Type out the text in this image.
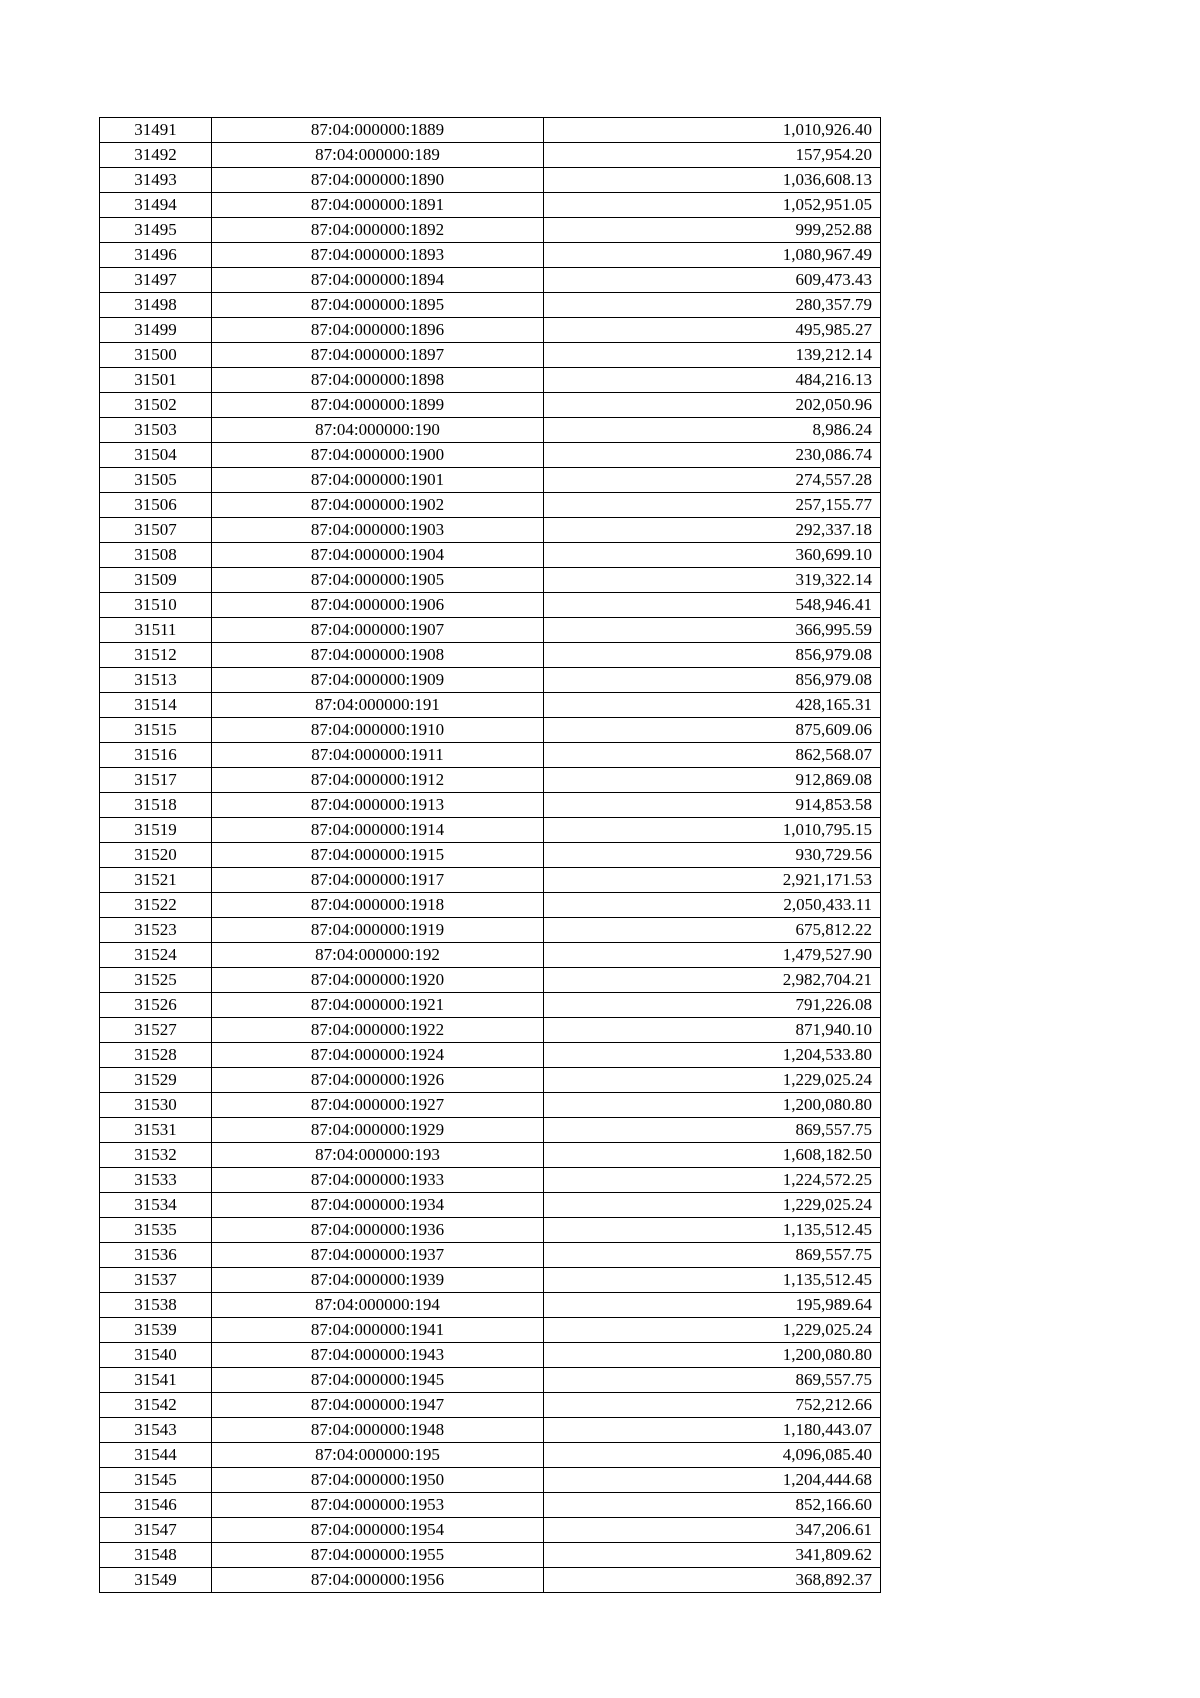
31491	87:04:000000:1889	1,010,926.40
31492	87:04:000000:189	157,954.20
31493	87:04:000000:1890	1,036,608.13
31494	87:04:000000:1891	1,052,951.05
31495	87:04:000000:1892	999,252.88
31496	87:04:000000:1893	1,080,967.49
31497	87:04:000000:1894	609,473.43
31498	87:04:000000:1895	280,357.79
31499	87:04:000000:1896	495,985.27
31500	87:04:000000:1897	139,212.14
31501	87:04:000000:1898	484,216.13
31502	87:04:000000:1899	202,050.96
31503	87:04:000000:190	8,986.24
31504	87:04:000000:1900	230,086.74
31505	87:04:000000:1901	274,557.28
31506	87:04:000000:1902	257,155.77
31507	87:04:000000:1903	292,337.18
31508	87:04:000000:1904	360,699.10
31509	87:04:000000:1905	319,322.14
31510	87:04:000000:1906	548,946.41
31511	87:04:000000:1907	366,995.59
31512	87:04:000000:1908	856,979.08
31513	87:04:000000:1909	856,979.08
31514	87:04:000000:191	428,165.31
31515	87:04:000000:1910	875,609.06
31516	87:04:000000:1911	862,568.07
31517	87:04:000000:1912	912,869.08
31518	87:04:000000:1913	914,853.58
31519	87:04:000000:1914	1,010,795.15
31520	87:04:000000:1915	930,729.56
31521	87:04:000000:1917	2,921,171.53
31522	87:04:000000:1918	2,050,433.11
31523	87:04:000000:1919	675,812.22
31524	87:04:000000:192	1,479,527.90
31525	87:04:000000:1920	2,982,704.21
31526	87:04:000000:1921	791,226.08
31527	87:04:000000:1922	871,940.10
31528	87:04:000000:1924	1,204,533.80
31529	87:04:000000:1926	1,229,025.24
31530	87:04:000000:1927	1,200,080.80
31531	87:04:000000:1929	869,557.75
31532	87:04:000000:193	1,608,182.50
31533	87:04:000000:1933	1,224,572.25
31534	87:04:000000:1934	1,229,025.24
31535	87:04:000000:1936	1,135,512.45
31536	87:04:000000:1937	869,557.75
31537	87:04:000000:1939	1,135,512.45
31538	87:04:000000:194	195,989.64
31539	87:04:000000:1941	1,229,025.24
31540	87:04:000000:1943	1,200,080.80
31541	87:04:000000:1945	869,557.75
31542	87:04:000000:1947	752,212.66
31543	87:04:000000:1948	1,180,443.07
31544	87:04:000000:195	4,096,085.40
31545	87:04:000000:1950	1,204,444.68
31546	87:04:000000:1953	852,166.60
31547	87:04:000000:1954	347,206.61
31548	87:04:000000:1955	341,809.62
31549	87:04:000000:1956	368,892.37
